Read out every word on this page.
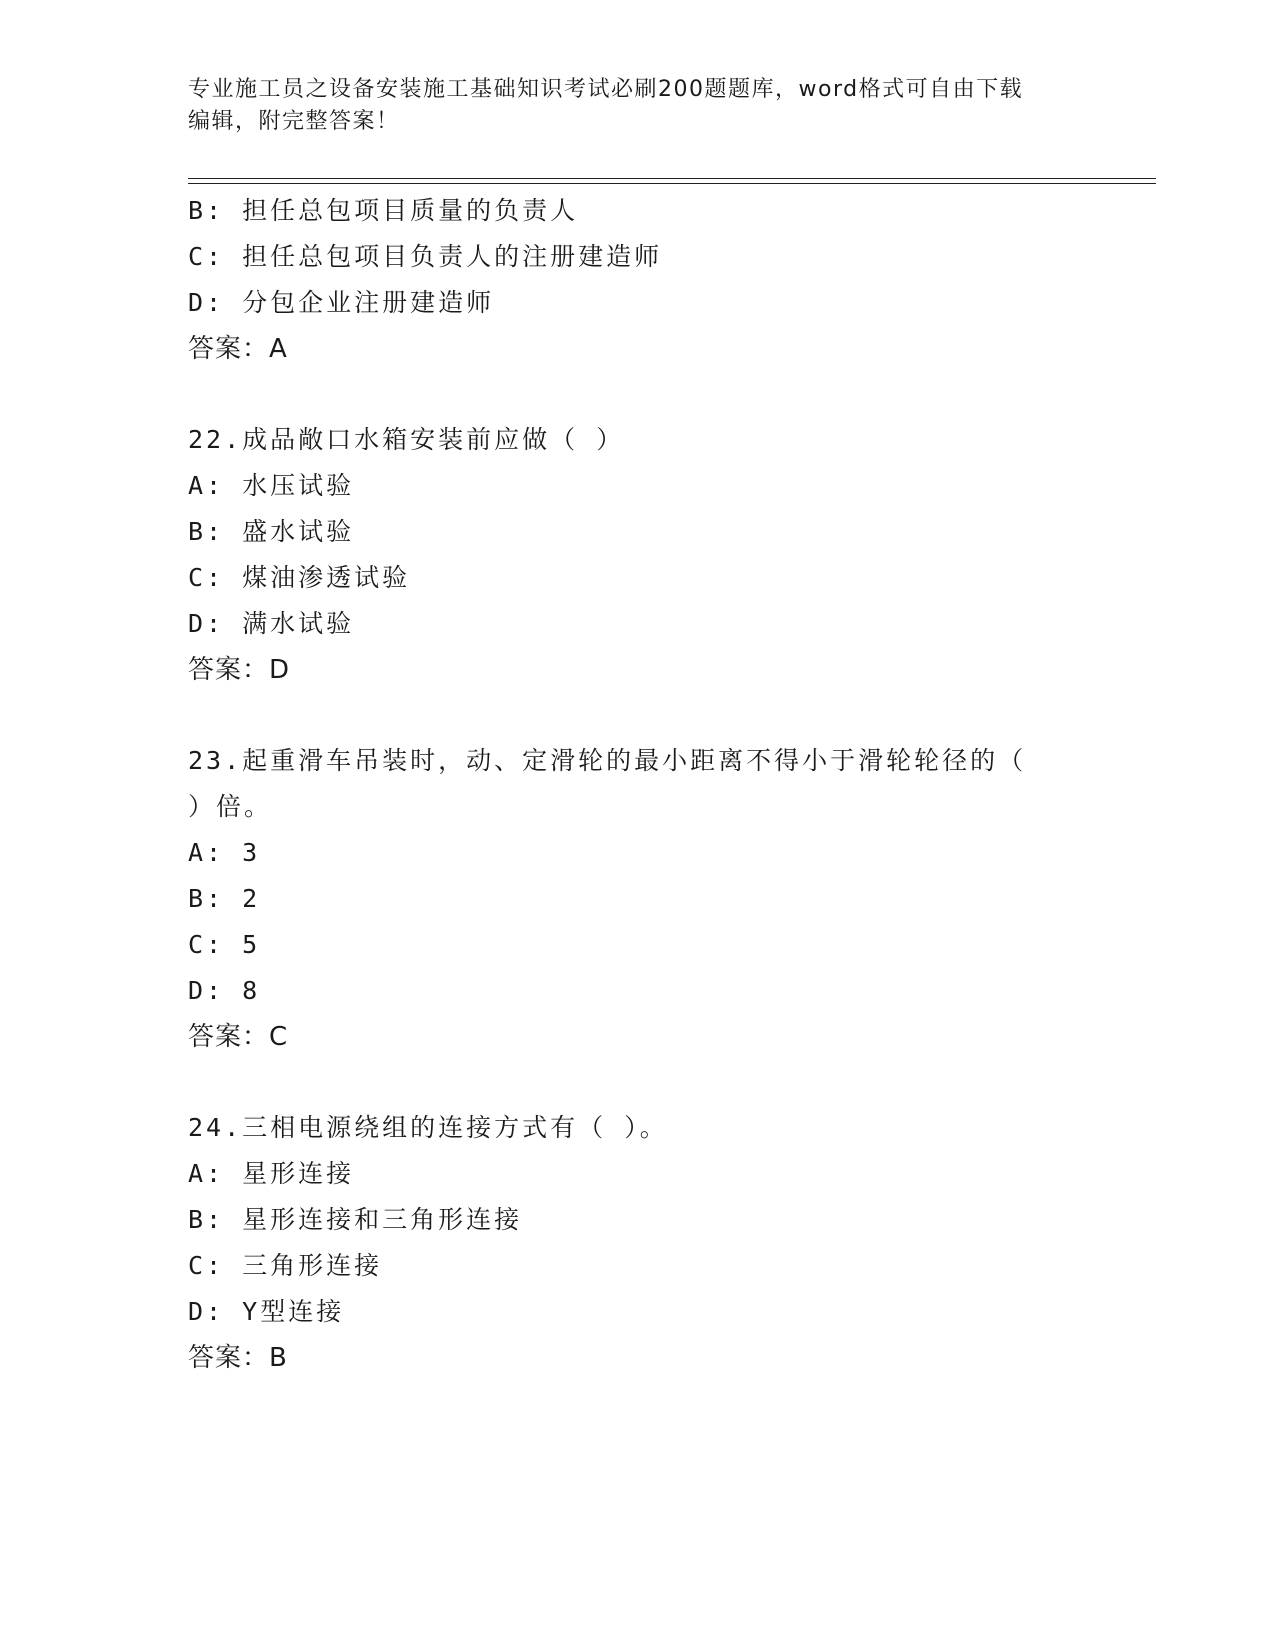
专业施工员之设备安装施工基础知识考试必刷200题题库，word格式可自由下载
编辑，附完整答案！
B: 担任总包项目质量的负责人
C: 担任总包项目负责人的注册建造师
D: 分包企业注册建造师
答案：A
22.成品敞口水箱安装前应做（ ）
A: 水压试验
B: 盛水试验
C: 煤油渗透试验
D: 满水试验
答案：D
23.起重滑车吊装时，动、定滑轮的最小距离不得小于滑轮轮径的（
）倍。
A: 3
B: 2
C: 5
D: 8
答案：C
24.三相电源绕组的连接方式有（ ）。
A: 星形连接
B: 星形连接和三角形连接
C: 三角形连接
D: Y型连接
答案：B
